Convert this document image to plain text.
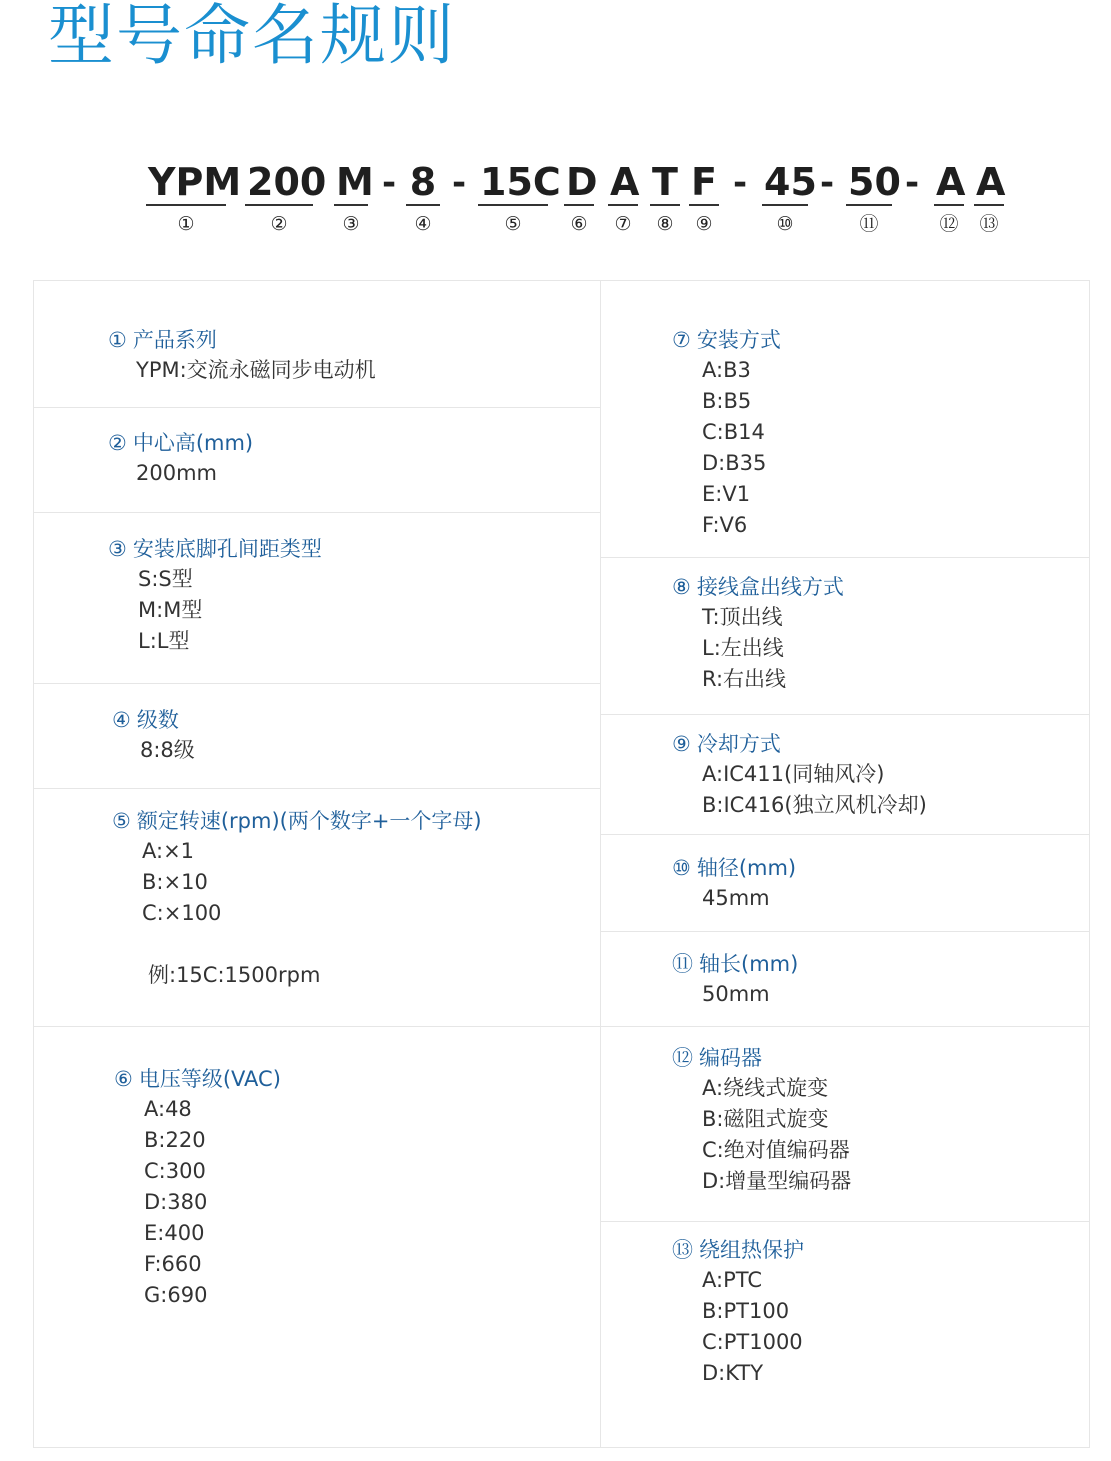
型号命名规则
YPM
①
200
②
M
③
- 8
④
- 15C
⑤
D
⑥
A
⑦
T
⑧
F
⑨
- 45
⑩
- 50
⑪
- A
⑫
A
⑬
① 产品系列
YPM:交流永磁同步电动机
② 中心高(mm)
200mm
③ 安装底脚孔间距类型
S:S型
M:M型
L:L型
④ 级数
8:8级
⑤ 额定转速(rpm)(两个数字+一个字母)
A:×1
B:×10
C:×100
例:15C:1500rpm
⑥ 电压等级(VAC)
A:48
B:220
C:300
D:380
E:400
F:660
G:690
⑦ 安装方式
A:B3
B:B5
C:B14
D:B35
E:V1
F:V6
⑧ 接线盒出线方式
T:顶出线
L:左出线
R:右出线
⑨ 冷却方式
A:IC411(同轴风冷)
B:IC416(独立风机冷却)
⑩ 轴径(mm)
45mm
⑪ 轴长(mm)
50mm
⑫ 编码器
A:绕线式旋变
B:磁阻式旋变
C:绝对值编码器
D:增量型编码器
⑬ 绕组热保护
A:PTC
B:PT100
C:PT1000
D:KTY
